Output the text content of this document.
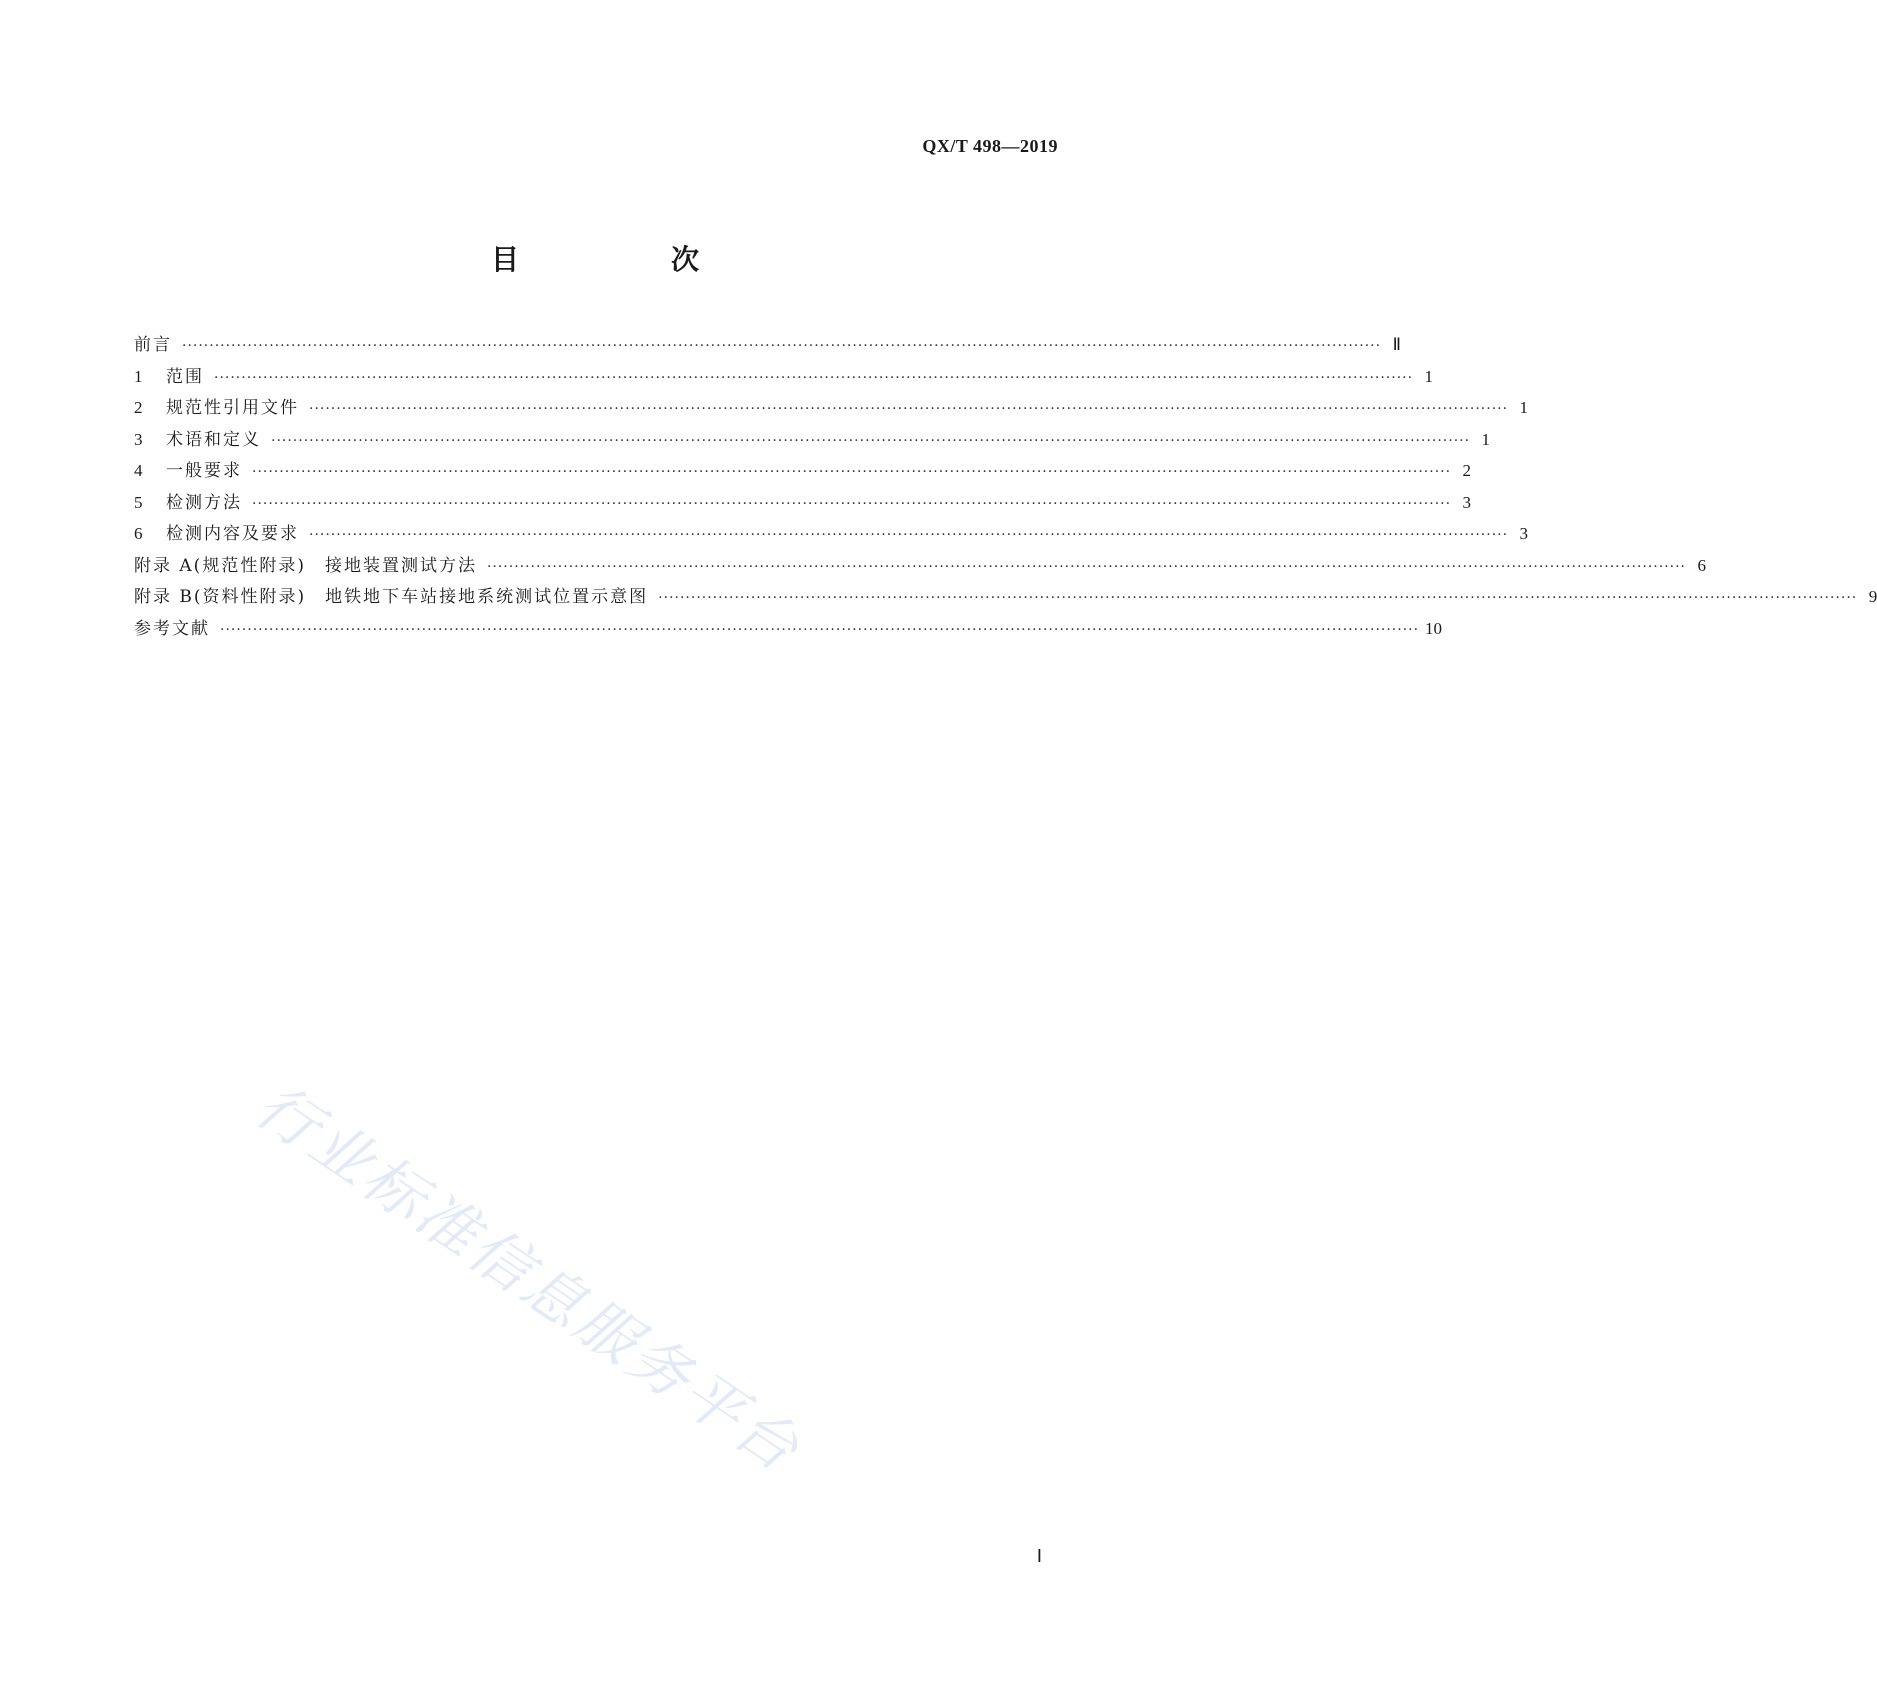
QX/T 498—2019
目　次
前言 ···························································································································································································································· Ⅱ
1	范围 ···························································································································································································································· 1
2	规范性引用文件 ···························································································································································································································· 1
3	术语和定义 ···························································································································································································································· 1
4	一般要求 ···························································································································································································································· 2
5	检测方法 ···························································································································································································································· 3
6	检测内容及要求 ···························································································································································································································· 3
附录 A(规范性附录)　接地装置测试方法 ···························································································································································································································· 6
附录 B(资料性附录)　地铁地下车站接地系统测试位置示意图 ···························································································································································································································· 9
参考文献 ···························································································································································································································· 10
行业标准信息服务平台
Ⅰ
